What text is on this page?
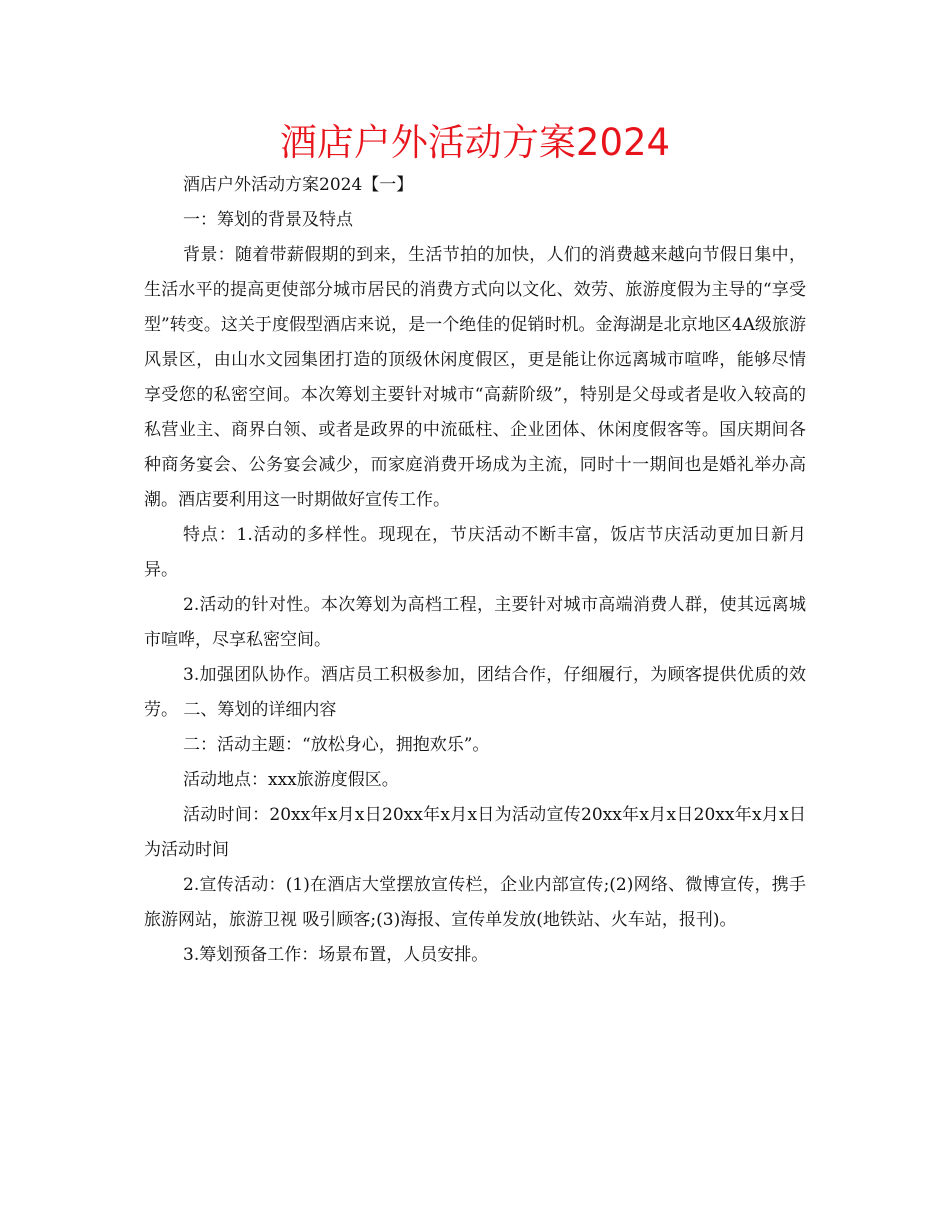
酒店户外活动方案2024

酒店户外活动方案2024【一】

一：筹划的背景及特点

背景：随着带薪假期的到来，生活节拍的加快，人们的消费越来越向节假日集中，生活水平的提高更使部分城市居民的消费方式向以文化、效劳、旅游度假为主导的“享受型”转变。这关于度假型酒店来说，是一个绝佳的促销时机。金海湖是北京地区4A级旅游风景区，由山水文园集团打造的顶级休闲度假区，更是能让你远离城市喧哗，能够尽情享受您的私密空间。本次筹划主要针对城市“高薪阶级”，特别是父母或者是收入较高的私营业主、商界白领、或者是政界的中流砥柱、企业团体、休闲度假客等。国庆期间各种商务宴会、公务宴会减少，而家庭消费开场成为主流，同时十一期间也是婚礼举办高潮。酒店要利用这一时期做好宣传工作。

特点：1.活动的多样性。现现在，节庆活动不断丰富，饭店节庆活动更加日新月异。

2.活动的针对性。本次筹划为高档工程，主要针对城市高端消费人群，使其远离城市喧哗，尽享私密空间。

3.加强团队协作。酒店员工积极参加，团结合作，仔细履行，为顾客提供优质的效劳。 二、筹划的详细内容

二：活动主题：“放松身心，拥抱欢乐”。

活动地点：xxx旅游度假区。

活动时间：20xx年x月x日20xx年x月x日为活动宣传20xx年x月x日20xx年x月x日为活动时间

2.宣传活动：(1)在酒店大堂摆放宣传栏，企业内部宣传;(2)网络、微博宣传，携手旅游网站，旅游卫视 吸引顾客;(3)海报、宣传单发放(地铁站、火车站，报刊)。

3.筹划预备工作：场景布置，人员安排。
